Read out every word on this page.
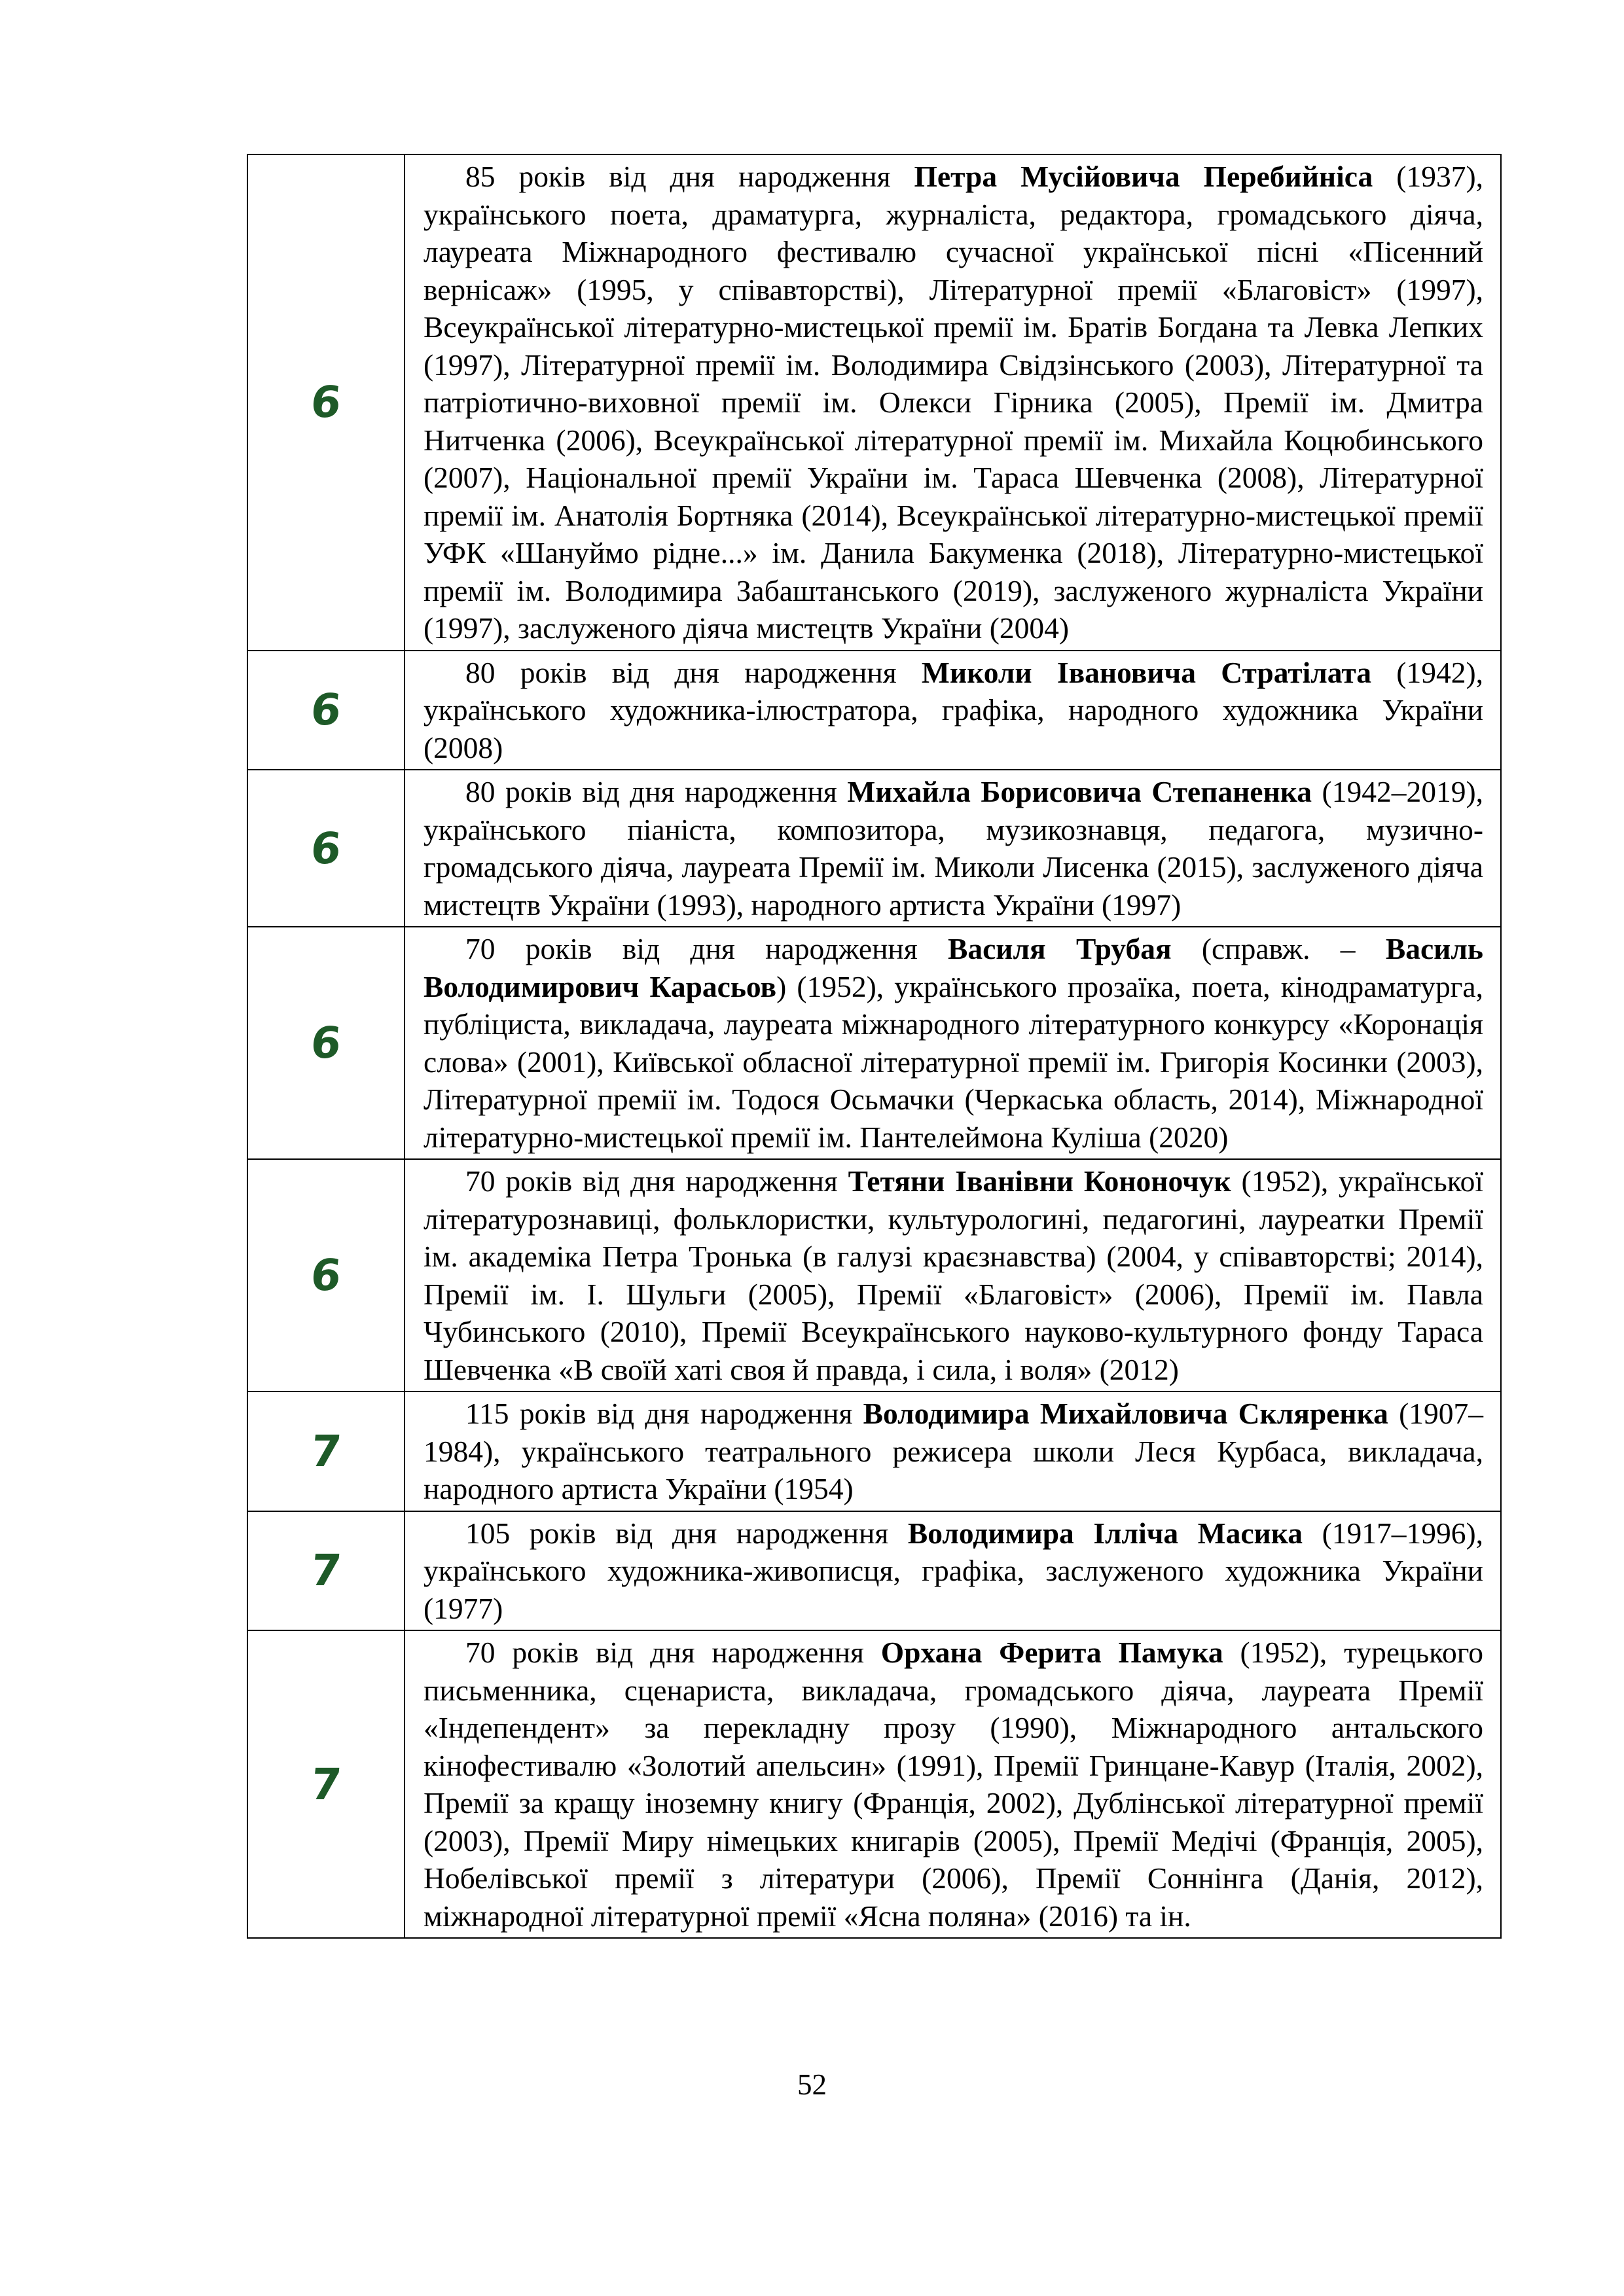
6	85 років від дня народження Петра Мусійовича Перебийніса (1937), українського поета, драматурга, журналіста, редактора, громадського діяча, лауреата Міжнародного фестивалю сучасної української пісні «Пісенний вернісаж» (1995, у співавторстві), Літературної премії «Благовіст» (1997), Всеукраїнської літературно-мистецької премії ім. Братів Богдана та Левка Лепких (1997), Літературної премії ім. Володимира Свідзінського (2003), Літературної та патріотично-виховної премії ім. Олекси Гірника (2005), Премії ім. Дмитра Нитченка (2006), Всеукраїнської літературної премії ім. Михайла Коцюбинського (2007), Національної премії України ім. Тараса Шевченка (2008), Літературної премії ім. Анатолія Бортняка (2014), Всеукраїнської літературно-мистецької премії УФК «Шануймо рідне...» ім. Данила Бакуменка (2018), Літературно-мистецької премії ім. Володимира Забаштанського (2019), заслуженого журналіста України (1997), заслуженого діяча мистецтв України (2004)

6	80 років від дня народження Миколи Івановича Стратілата (1942), українського художника-ілюстратора, графіка, народного художника України (2008)

6	80 років від дня народження Михайла Борисовича Степаненка (1942–2019), українського піаніста, композитора, музикознавця, педагога, музично-громадського діяча, лауреата Премії ім. Миколи Лисенка (2015), заслуженого діяча мистецтв України (1993), народного артиста України (1997)

6	70 років від дня народження Василя Трубая (справж. – Василь Володимирович Карасьов) (1952), українського прозаїка, поета, кінодраматурга, публіциста, викладача, лауреата міжнародного літературного конкурсу «Коронація слова» (2001), Київської обласної літературної премії ім. Григорія Косинки (2003), Літературної премії ім. Тодося Осьмачки (Черкаська область, 2014), Міжнародної літературно-мистецької премії ім. Пантелеймона Куліша (2020)

6	70 років від дня народження Тетяни Іванівни Кононочук (1952), української літературознавиці, фольклористки, культурологині, педагогині, лауреатки Премії ім. академіка Петра Тронька (в галузі краєзнавства) (2004, у співавторстві; 2014), Премії ім. І. Шульги (2005), Премії «Благовіст» (2006), Премії ім. Павла Чубинського (2010), Премії Всеукраїнського науково-культурного фонду Тараса Шевченка «В своїй хаті своя й правда, і сила, і воля» (2012)

7	115 років від дня народження Володимира Михайловича Скляренка (1907–1984), українського театрального режисера школи Леся Курбаса, викладача, народного артиста України (1954)

7	105 років від дня народження Володимира Ілліча Масика (1917–1996), українського художника-живописця, графіка, заслуженого художника України (1977)

7	70 років від дня народження Орхана Ферита Памука (1952), турецького письменника, сценариста, викладача, громадського діяча, лауреата Премії «Індепендент» за перекладну прозу (1990), Міжнародного антальского кінофестивалю «Золотий апельсин» (1991), Премії Гринцане-Кавур (Італія, 2002), Премії за кращу іноземну книгу (Франція, 2002), Дублінської літературної премії (2003), Премії Миру німецьких книгарів (2005), Премії Медічі (Франція, 2005), Нобелівської премії з літератури (2006), Премії Соннінга (Данія, 2012), міжнародної літературної премії «Ясна поляна» (2016) та ін.
52
